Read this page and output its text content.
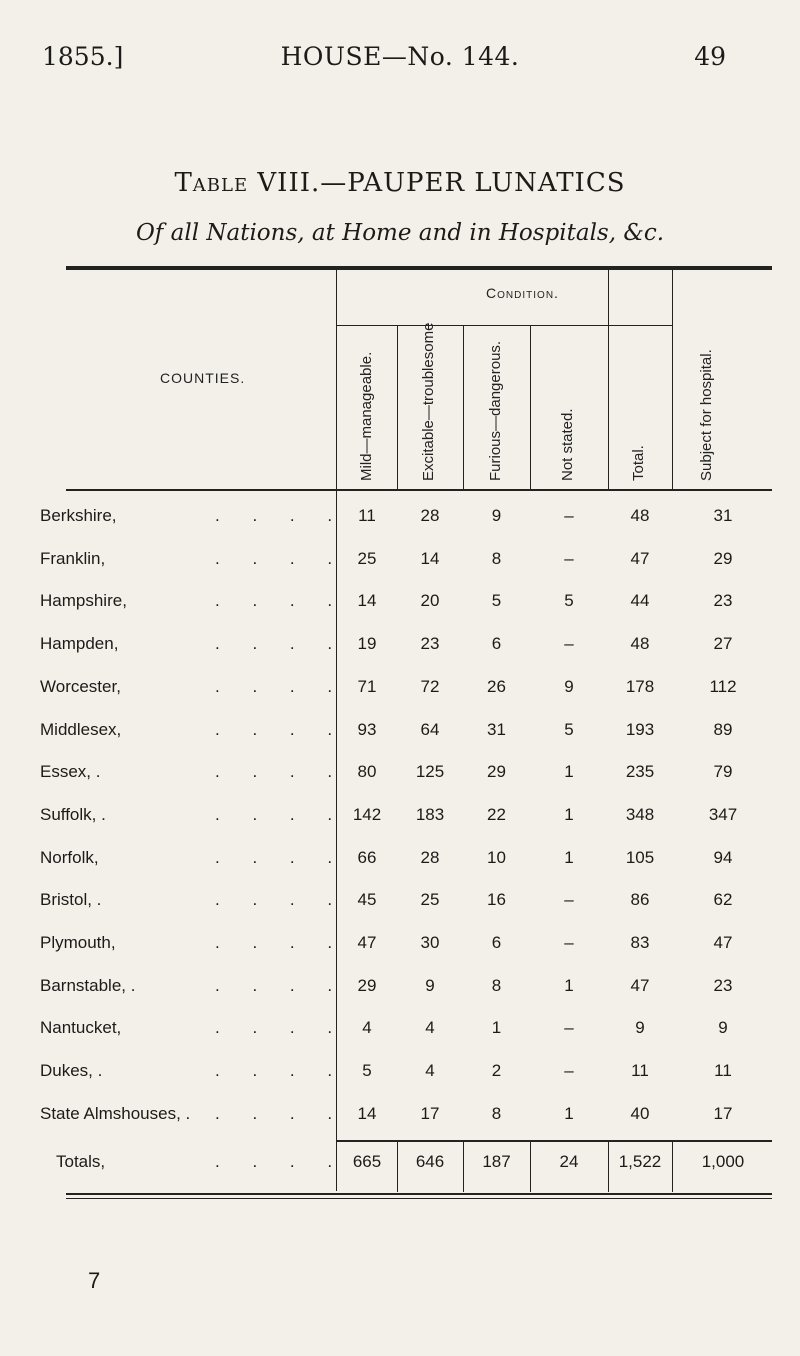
1855.]	HOUSE—No. 144.	49
Table VIII.—PAUPER LUNATICS
Of all Nations, at Home and in Hospitals, &c.
COUNTIES.
Condition.
Mild—manageable.	Excitable—troublesome	Furious—dangerous.	Not stated.	Total.	Subject for hospital.
Berkshire,	. . . . 11	28	9	–	48	31
Franklin,	. . . . 25	14	8	–	47	29
Hampshire,	. . . . 14	20	5	5	44	23
Hampden,	. . . . 19	23	6	–	48	27
Worcester,	. . . . 71	72	26	9	178	112
Middlesex,	. . . . 93	64	31	5	193	89
Essex, .	. . . . 80	125	29	1	235	79
Suffolk, .	. . . . 142	183	22	1	348	347
Norfolk,	. . . . 66	28	10	1	105	94
Bristol, .	. . . . 45	25	16	–	86	62
Plymouth,	. . . . 47	30	6	–	83	47
Barnstable, .	. . . . 29	9	8	1	47	23
Nantucket,	. . . . 4	4	1	–	9	9
Dukes, .	. . . . 5	4	2	–	11	11
State Almshouses, . . . . . 14	17	8	1	40	17
Totals,	. . . . 665	646	187	24	1,522	1,000
7
